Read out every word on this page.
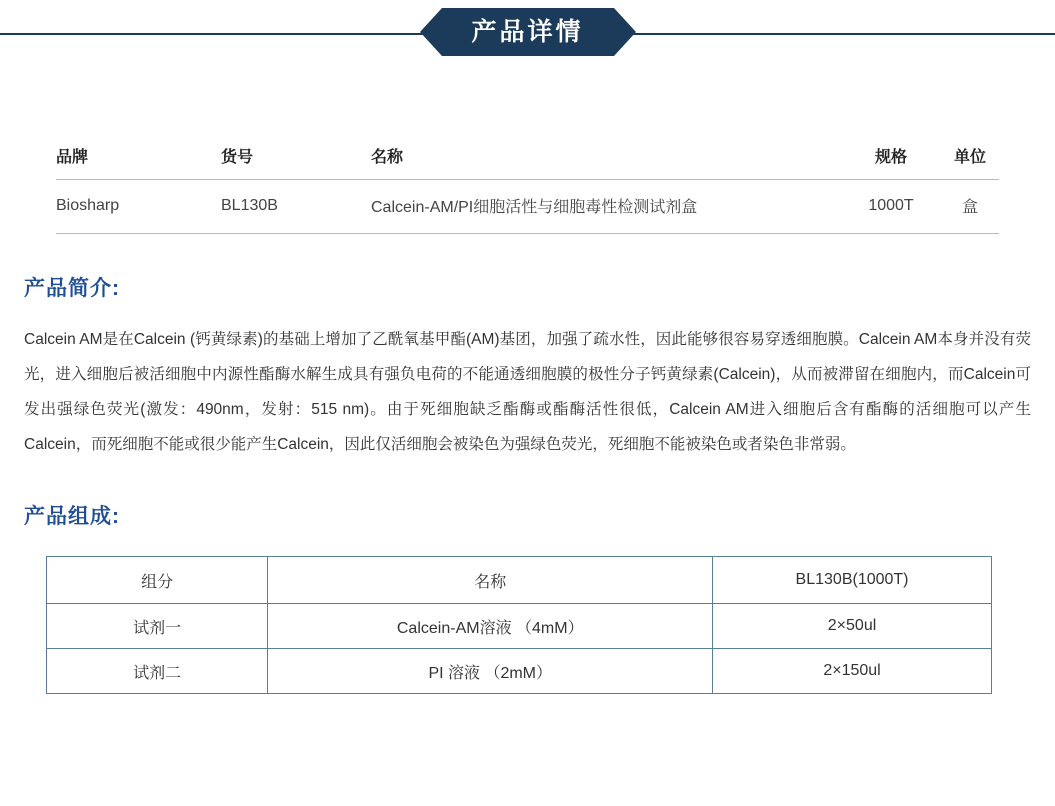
产品详情
品牌	货号	名称	规格	单位
Biosharp	BL130B	Calcein-AM/PI细胞活性与细胞毒性检测试剂盒	1000T	盒
产品简介:
Calcein AM是在Calcein (钙黄绿素)的基础上增加了乙酰氧基甲酯(AM)基团，加强了疏水性，因此能够很容易穿透细胞膜。Calcein AM本身并没有荧光，进入细胞后被活细胞中内源性酯酶水解生成具有强负电荷的不能通透细胞膜的极性分子钙黄绿素(Calcein)，从而被滞留在细胞内，而Calcein可发出强绿色荧光(激发：490nm，发射：515 nm)。由于死细胞缺乏酯酶或酯酶活性很低，Calcein AM进入细胞后含有酯酶的活细胞可以产生Calcein，而死细胞不能或很少能产生Calcein，因此仅活细胞会被染色为强绿色荧光，死细胞不能被染色或者染色非常弱。
产品组成:
组分	名称	BL130B(1000T)
试剂一	Calcein-AM溶液 （4mM）	2×50ul
试剂二	PI 溶液 （2mM）	2×150ul
